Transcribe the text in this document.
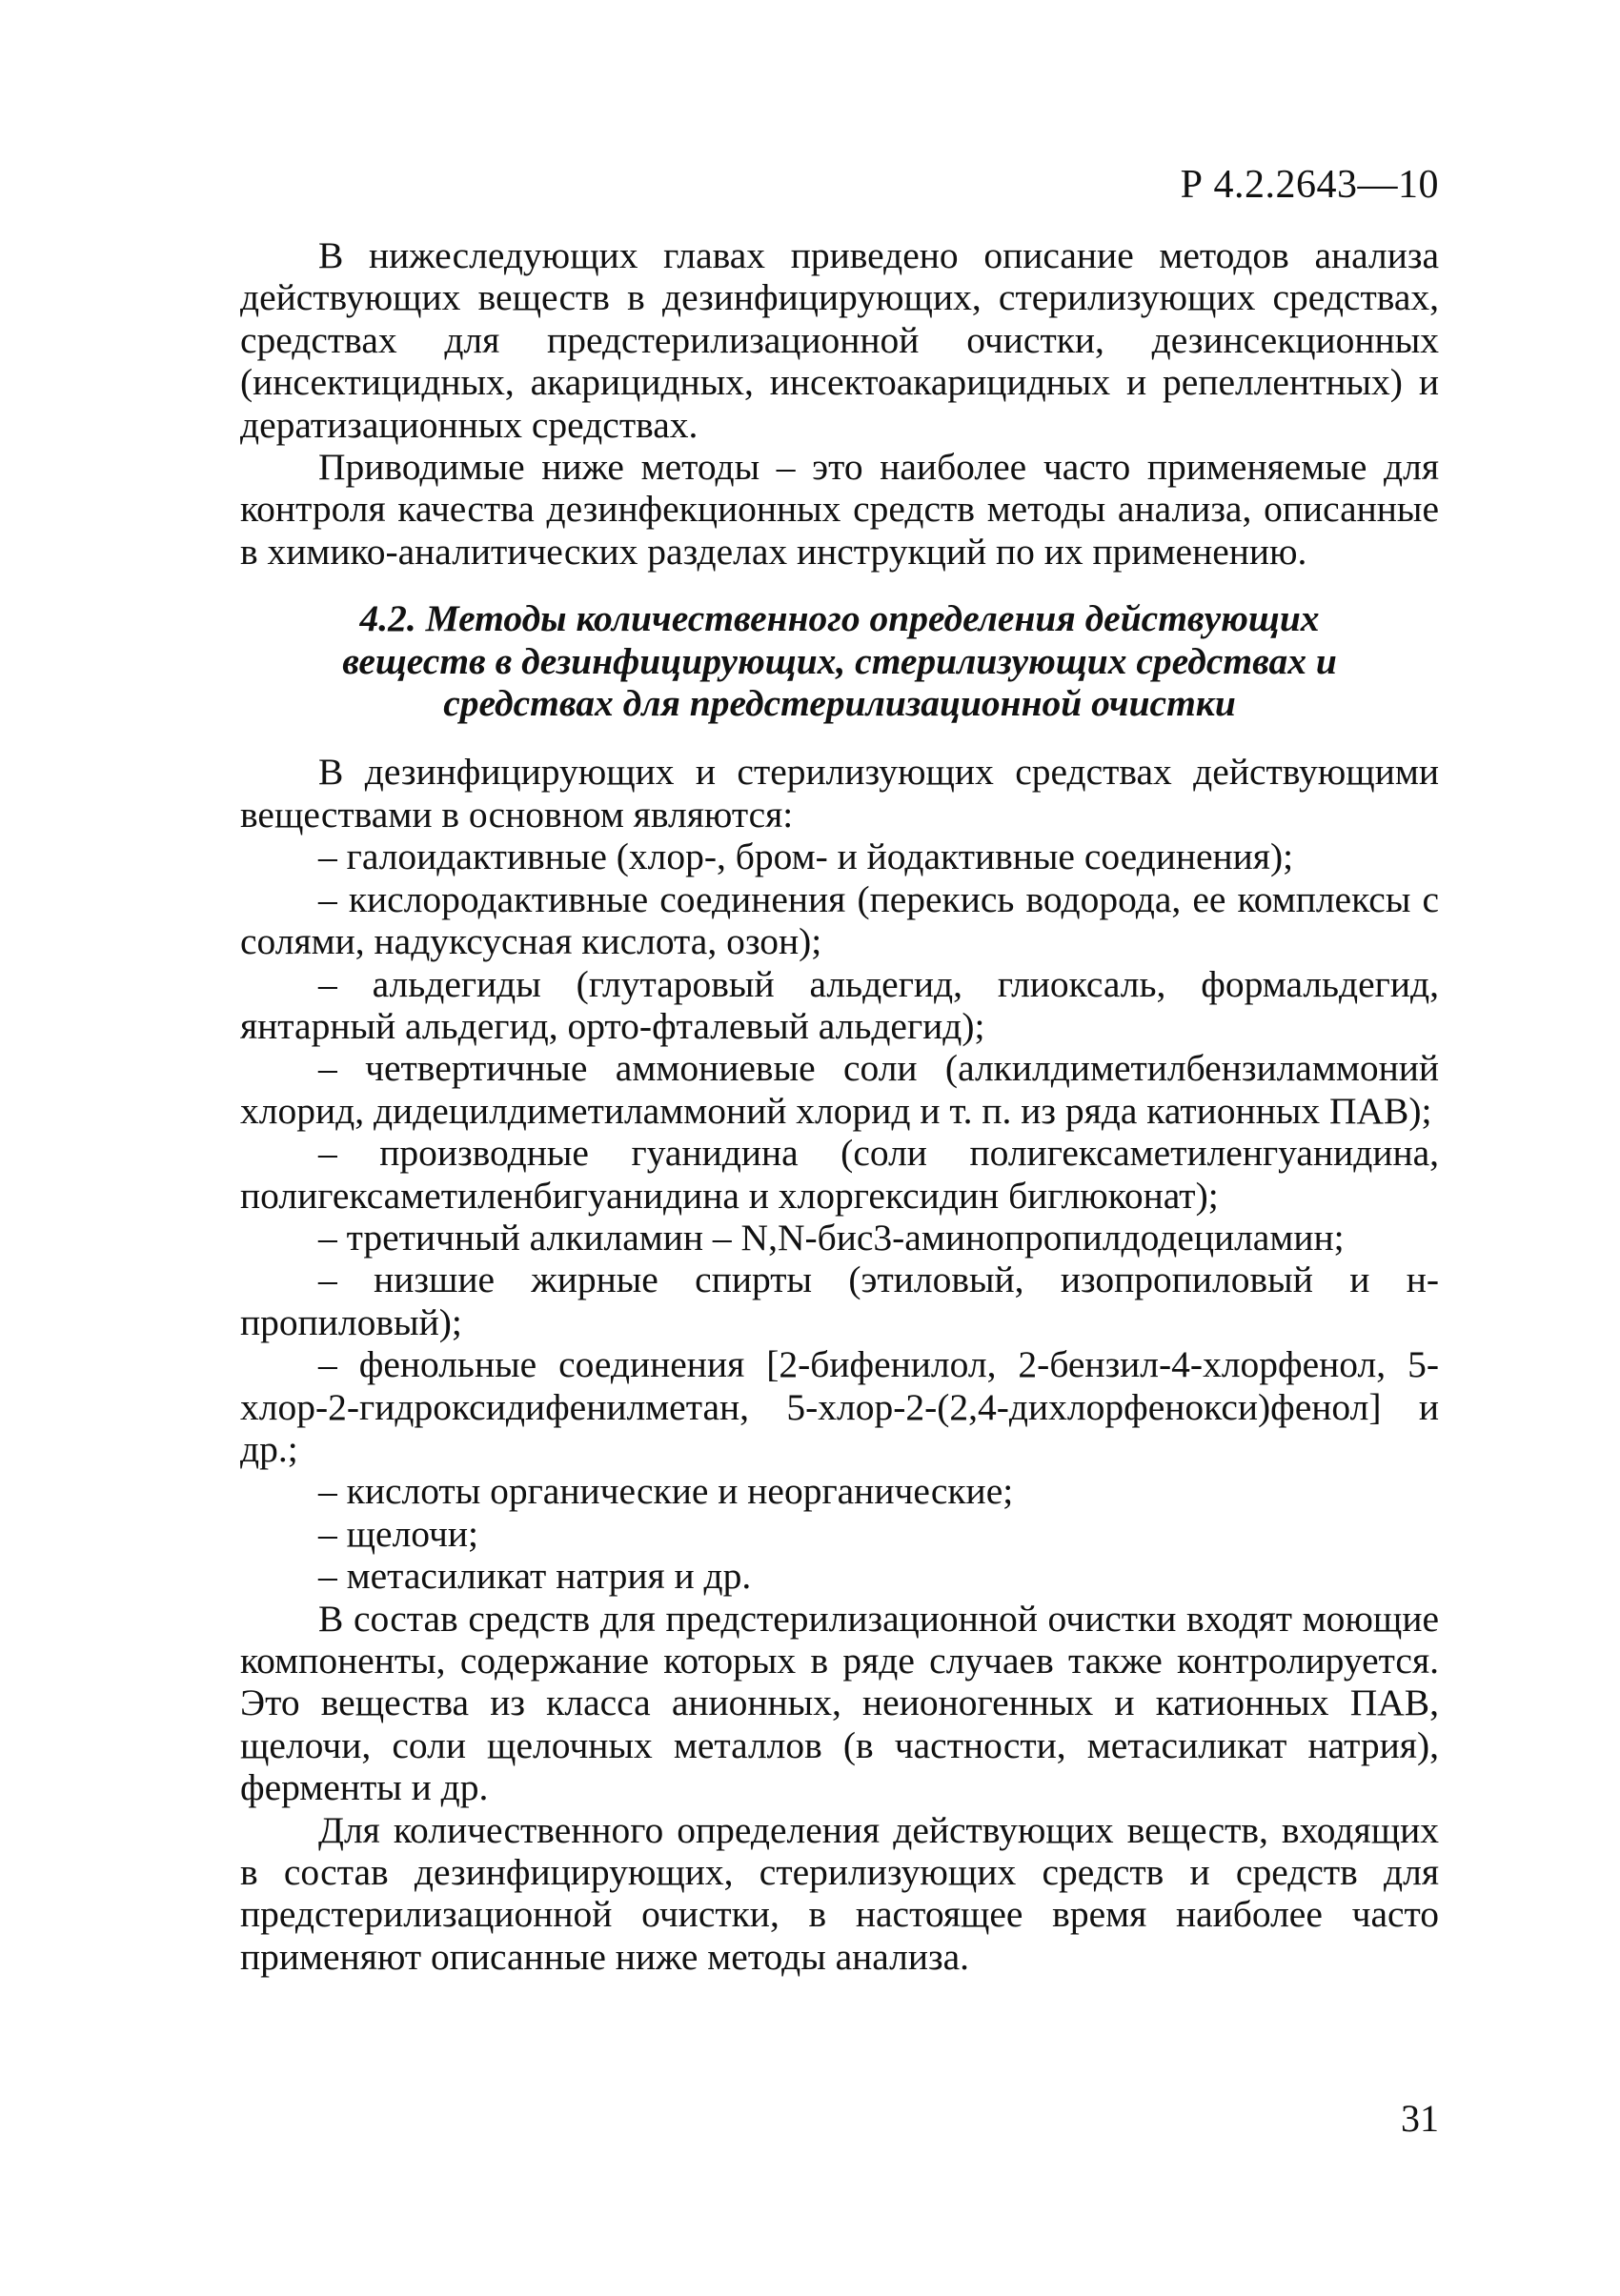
Р 4.2.2643—10

В нижеследующих главах приведено описание методов анализа действующих веществ в дезинфицирующих, стерилизующих средствах, средствах для предстерилизационной очистки, дезинсекционных (инсектицидных, акарицидных, инсектоакарицидных и репеллентных) и дератизационных средствах.

Приводимые ниже методы – это наиболее часто применяемые для контроля качества дезинфекционных средств методы анализа, описанные в химико-аналитических разделах инструкций по их применению.

4.2. Методы количественного определения действующих веществ в дезинфицирующих, стерилизующих средствах и средствах для предстерилизационной очистки

В дезинфицирующих и стерилизующих средствах действующими веществами в основном являются:

– галоидактивные (хлор-, бром- и йодактивные соединения);
– кислородактивные соединения (перекись водорода, ее комплексы с солями, надуксусная кислота, озон);
– альдегиды (глутаровый альдегид, глиоксаль, формальдегид, янтарный альдегид, орто-фталевый альдегид);
– четвертичные аммониевые соли (алкилдиметилбензиламмоний хлорид, дидецилдиметиламмоний хлорид и т. п. из ряда катионных ПАВ);
– производные гуанидина (соли полигексаметиленгуанидина, полигексаметиленбигуанидина и хлоргексидин биглюконат);
– третичный алкиламин – N,N-бис3-аминопропилдодециламин;
– низшие жирные спирты (этиловый, изопропиловый и н-пропиловый);
– фенольные соединения [2-бифенилол, 2-бензил-4-хлорфенол, 5-хлор-2-гидроксидифенилметан, 5-хлор-2-(2,4-дихлорфенокси)фенол] и др.;
– кислоты органические и неорганические;
– щелочи;
– метасиликат натрия и др.

В состав средств для предстерилизационной очистки входят моющие компоненты, содержание которых в ряде случаев также контролируется. Это вещества из класса анионных, неионогенных и катионных ПАВ, щелочи, соли щелочных металлов (в частности, метасиликат натрия), ферменты и др.

Для количественного определения действующих веществ, входящих в состав дезинфицирующих, стерилизующих средств и средств для предстерилизационной очистки, в настоящее время наиболее часто применяют описанные ниже методы анализа.

31
